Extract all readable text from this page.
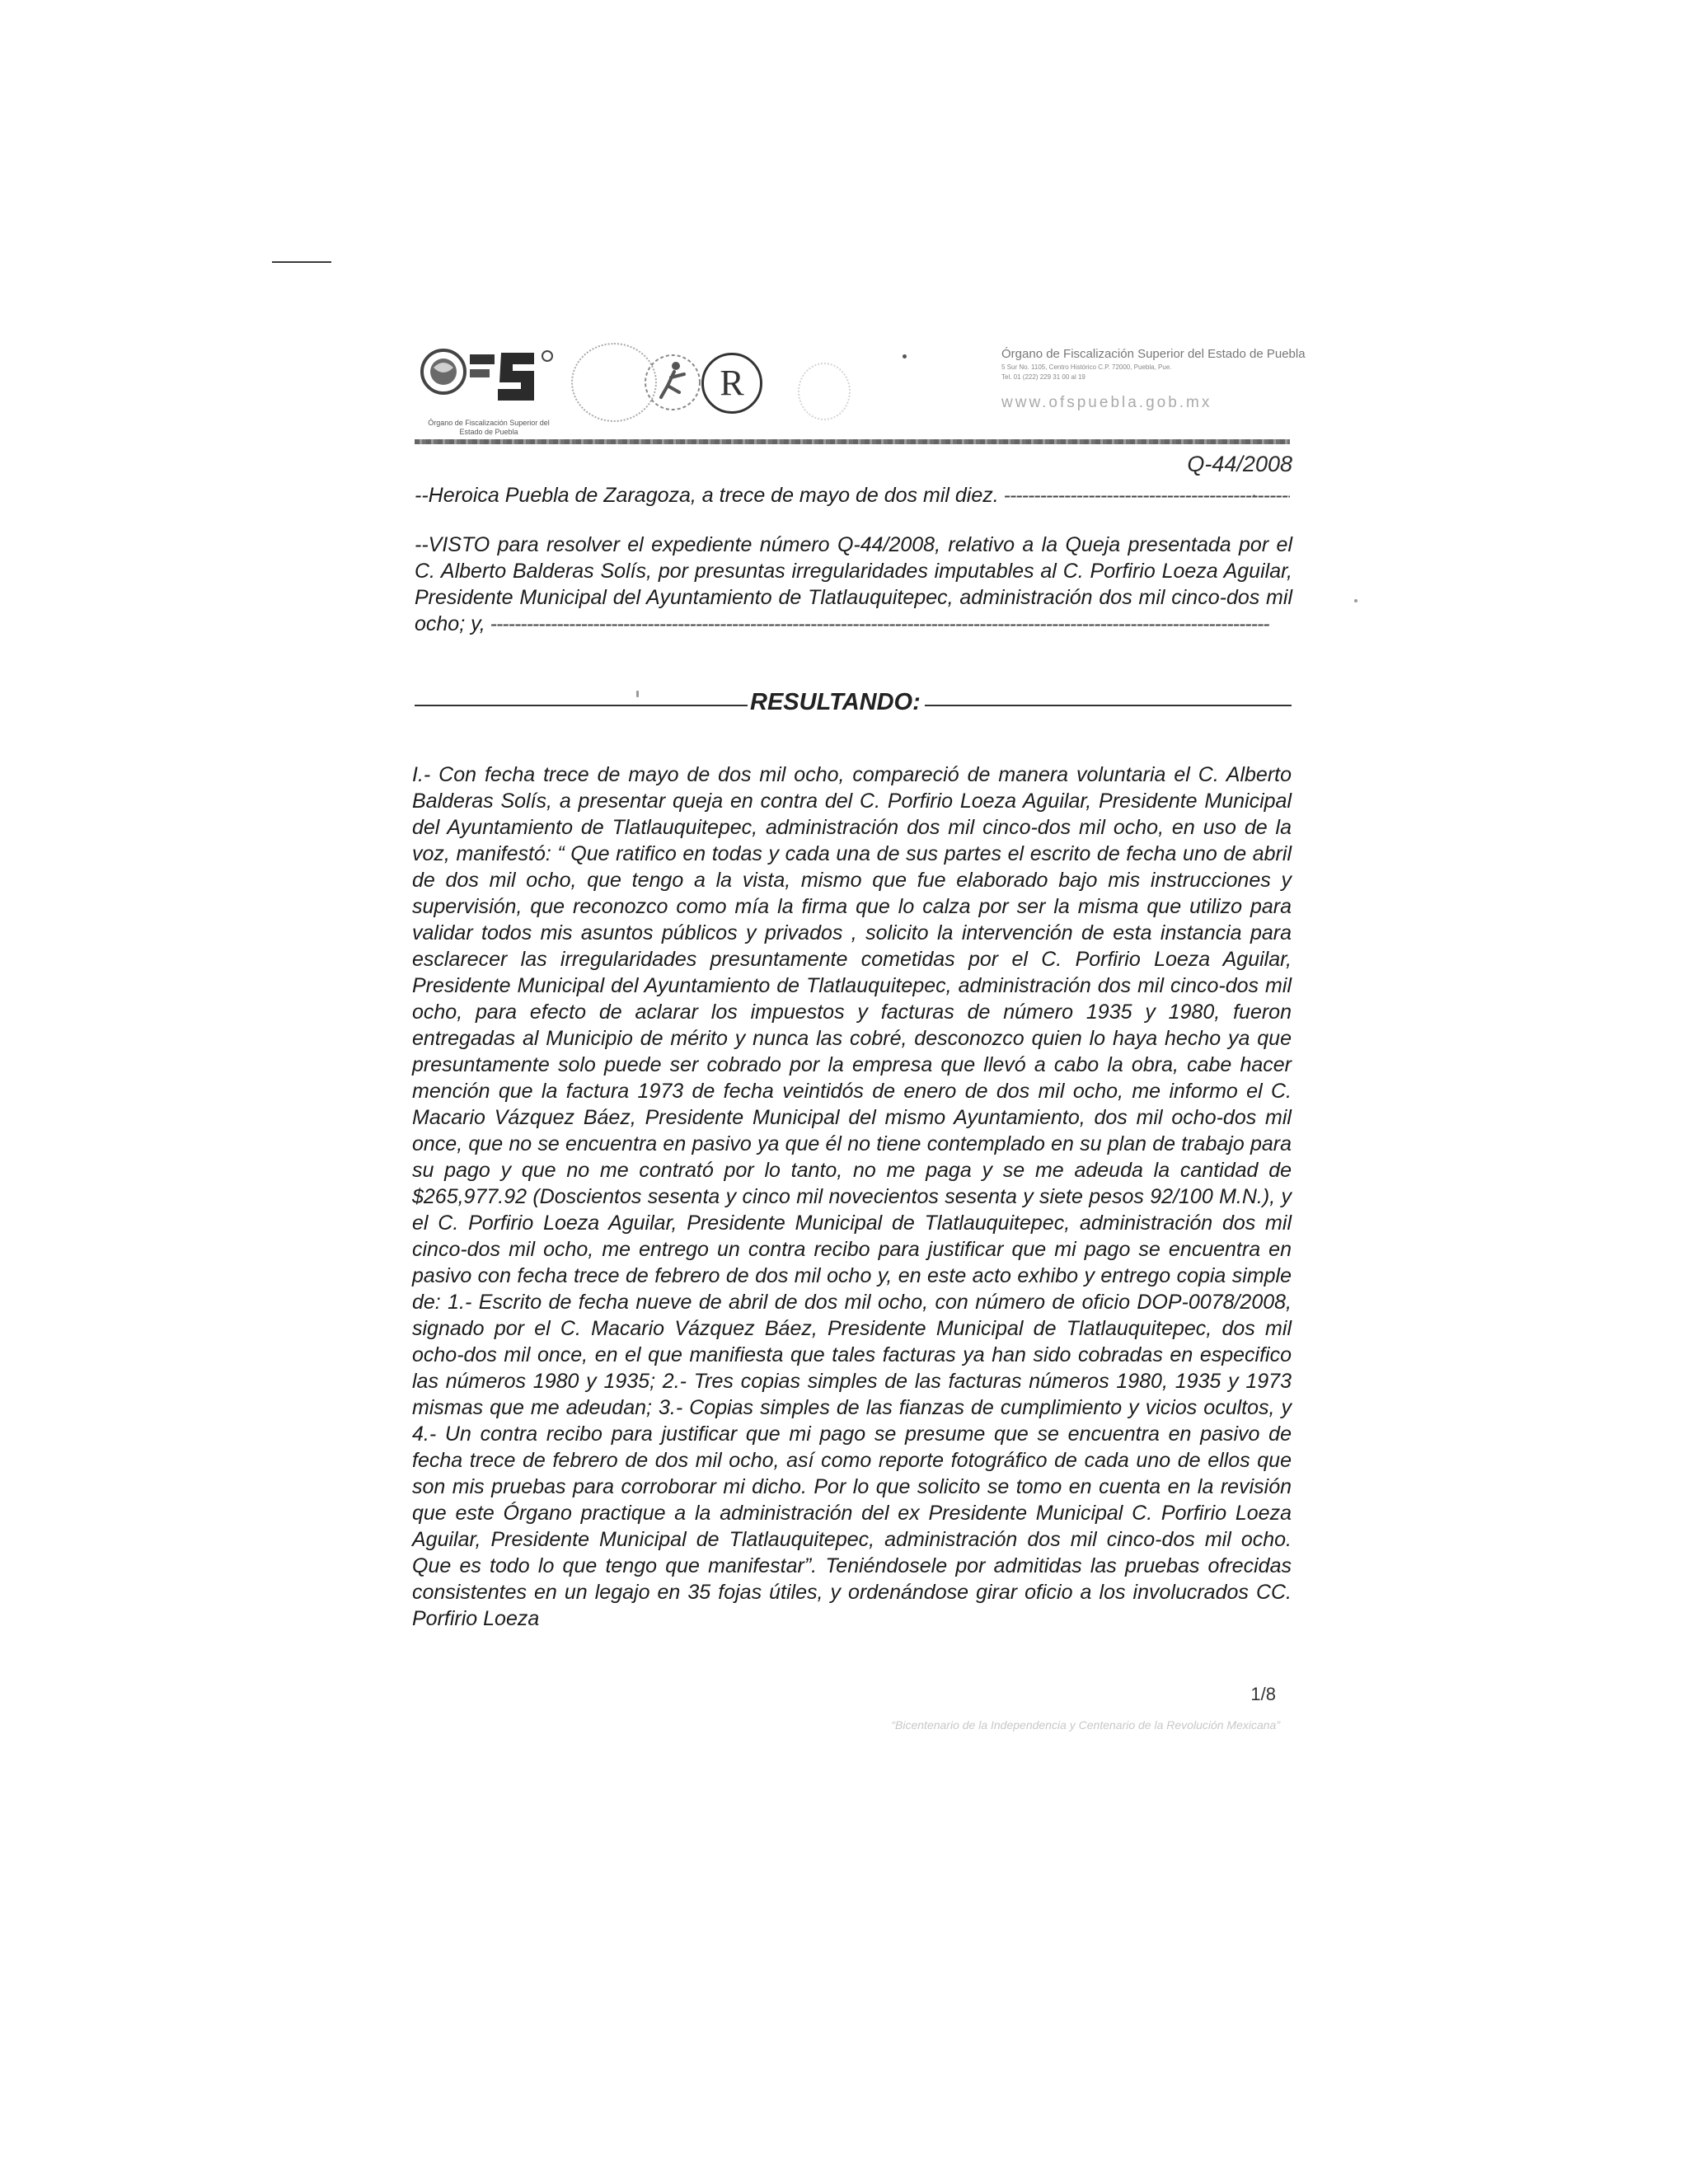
Órgano de Fiscalización Superior del Estado de Puebla
R
Órgano de Fiscalización Superior del Estado de Puebla
5 Sur No. 1105, Centro Histórico C.P. 72000, Puebla, Pue.
Tel. 01 (222) 229 31 00 al 19
www.ofspuebla.gob.mx
Q-44/2008
--Heroica Puebla de Zaragoza, a trece de mayo de dos mil diez. -----
--VISTO para resolver el expediente número Q-44/2008, relativo a la Queja presentada por el C. Alberto Balderas Solís, por presuntas irregularidades imputables al C. Porfirio Loeza Aguilar, Presidente Municipal del Ayuntamiento de Tlatlauquitepec, administración dos mil cinco-dos mil ocho; y, -----
RESULTANDO:

I.- Con fecha trece de mayo de dos mil ocho, compareció de manera voluntaria el C. Alberto Balderas Solís, a presentar queja en contra del C. Porfirio Loeza Aguilar, Presidente Municipal del Ayuntamiento de Tlatlauquitepec, administración dos mil cinco-dos mil ocho, en uso de la voz, manifestó: “ Que ratifico en todas y cada una de sus partes el escrito de fecha uno de abril de dos mil ocho, que tengo a la vista, mismo que fue elaborado bajo mis instrucciones y supervisión, que reconozco como mía la firma que lo calza por ser la misma que utilizo para validar todos mis asuntos públicos y privados , solicito la intervención de esta instancia para esclarecer las irregularidades presuntamente cometidas por el C. Porfirio Loeza Aguilar, Presidente Municipal del Ayuntamiento de Tlatlauquitepec, administración dos mil cinco-dos mil ocho, para efecto de aclarar los impuestos y facturas de número 1935 y 1980, fueron entregadas al Municipio de mérito y nunca las cobré, desconozco quien lo haya hecho ya que presuntamente solo puede ser cobrado por la empresa que llevó a cabo la obra, cabe hacer mención que la factura 1973 de fecha veintidós de enero de dos mil ocho, me informo el C. Macario Vázquez Báez, Presidente Municipal del mismo Ayuntamiento, dos mil ocho-dos mil once, que no se encuentra en pasivo ya que él no tiene contemplado en su plan de trabajo para su pago y que no me contrató por lo tanto, no me paga y se me adeuda la cantidad de $265,977.92 (Doscientos sesenta y cinco mil novecientos sesenta y siete pesos 92/100 M.N.), y el C. Porfirio Loeza Aguilar, Presidente Municipal de Tlatlauquitepec, administración dos mil cinco-dos mil ocho, me entrego un contra recibo para justificar que mi pago se encuentra en pasivo con fecha trece de febrero de dos mil ocho y, en este acto exhibo y entrego copia simple de: 1.- Escrito de fecha nueve de abril de dos mil ocho, con número de oficio DOP-0078/2008, signado por el C. Macario Vázquez Báez, Presidente Municipal de Tlatlauquitepec, dos mil ocho-dos mil once, en el que manifiesta que tales facturas ya han sido cobradas en especifico las números 1980 y 1935; 2.- Tres copias simples de las facturas números 1980, 1935 y 1973 mismas que me adeudan; 3.- Copias simples de las fianzas de cumplimiento y vicios ocultos, y 4.- Un contra recibo para justificar que mi pago se presume que se encuentra en pasivo de fecha trece de febrero de dos mil ocho, así como reporte fotográfico de cada uno de ellos que son mis pruebas para corroborar mi dicho. Por lo que solicito se tomo en cuenta en la revisión que este Órgano practique a la administración del ex Presidente Municipal C. Porfirio Loeza Aguilar, Presidente Municipal de Tlatlauquitepec, administración dos mil cinco-dos mil ocho. Que es todo lo que tengo que manifestar”. Teniéndosele por admitidas las pruebas ofrecidas consistentes en un legajo en 35 fojas útiles, y ordenándose girar oficio a los involucrados CC. Porfirio Loeza

1/8
“Bicentenario de la Independencia y Centenario de la Revolución Mexicana”
